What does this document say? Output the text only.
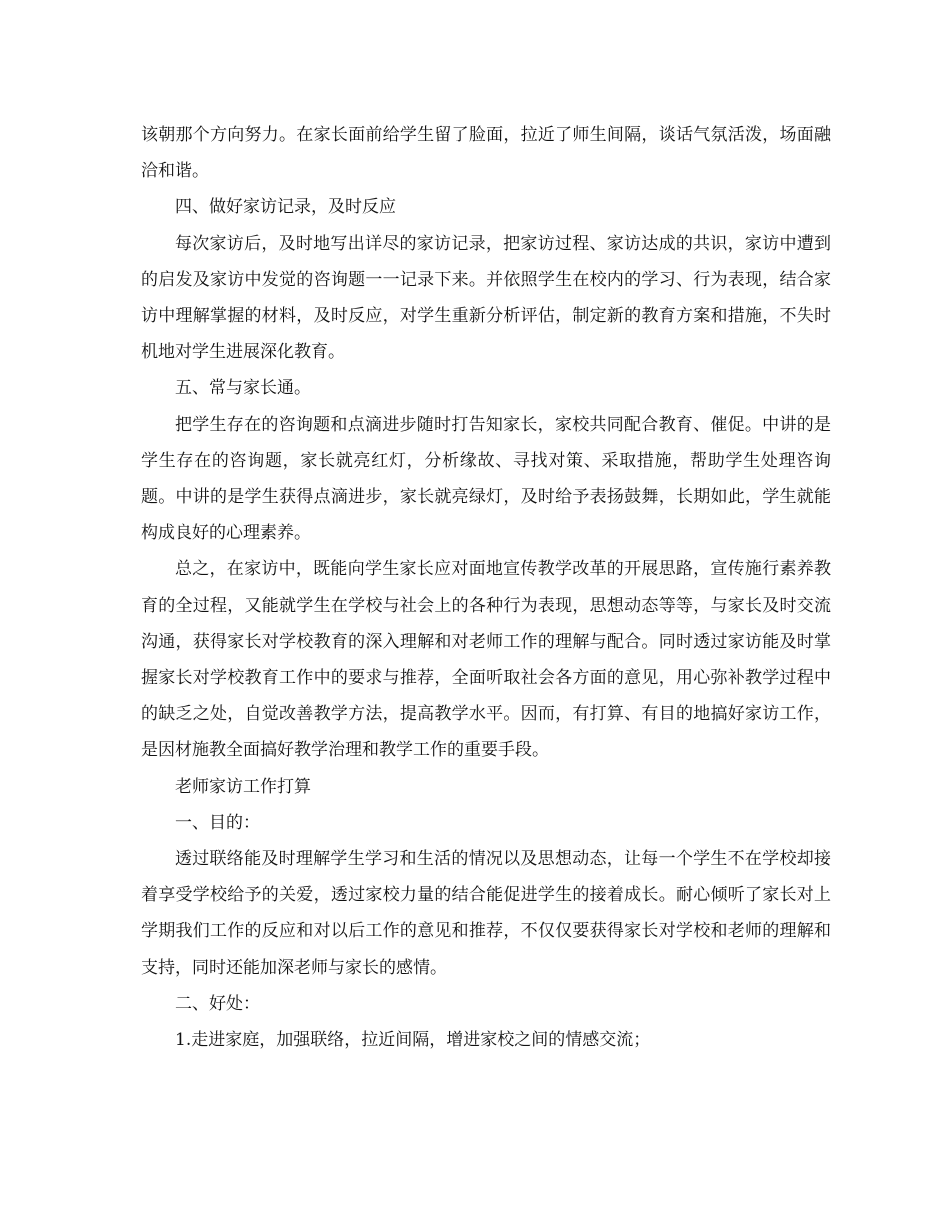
该朝那个方向努力。在家长面前给学生留了脸面，拉近了师生间隔，谈话气氛活泼，场面融洽和谐。

四、做好家访记录，及时反应

每次家访后，及时地写出详尽的家访记录，把家访过程、家访达成的共识，家访中遭到的启发及家访中发觉的咨询题一一记录下来。并依照学生在校内的学习、行为表现，结合家访中理解掌握的材料，及时反应，对学生重新分析评估，制定新的教育方案和措施，不失时机地对学生进展深化教育。

五、常与家长通。

把学生存在的咨询题和点滴进步随时打告知家长，家校共同配合教育、催促。中讲的是学生存在的咨询题，家长就亮红灯，分析缘故、寻找对策、采取措施，帮助学生处理咨询题。中讲的是学生获得点滴进步，家长就亮绿灯，及时给予表扬鼓舞，长期如此，学生就能构成良好的心理素养。

总之，在家访中，既能向学生家长应对面地宣传教学改革的开展思路，宣传施行素养教育的全过程，又能就学生在学校与社会上的各种行为表现，思想动态等等，与家长及时交流沟通，获得家长对学校教育的深入理解和对老师工作的理解与配合。同时透过家访能及时掌握家长对学校教育工作中的要求与推荐，全面听取社会各方面的意见，用心弥补教学过程中的缺乏之处，自觉改善教学方法，提高教学水平。因而，有打算、有目的地搞好家访工作，是因材施教全面搞好教学治理和教学工作的重要手段。

老师家访工作打算

一、目的：

透过联络能及时理解学生学习和生活的情况以及思想动态，让每一个学生不在学校却接着享受学校给予的关爱，透过家校力量的结合能促进学生的接着成长。耐心倾听了家长对上学期我们工作的反应和对以后工作的意见和推荐，不仅仅要获得家长对学校和老师的理解和支持，同时还能加深老师与家长的感情。

二、好处：

1.走进家庭，加强联络，拉近间隔，增进家校之间的情感交流；
